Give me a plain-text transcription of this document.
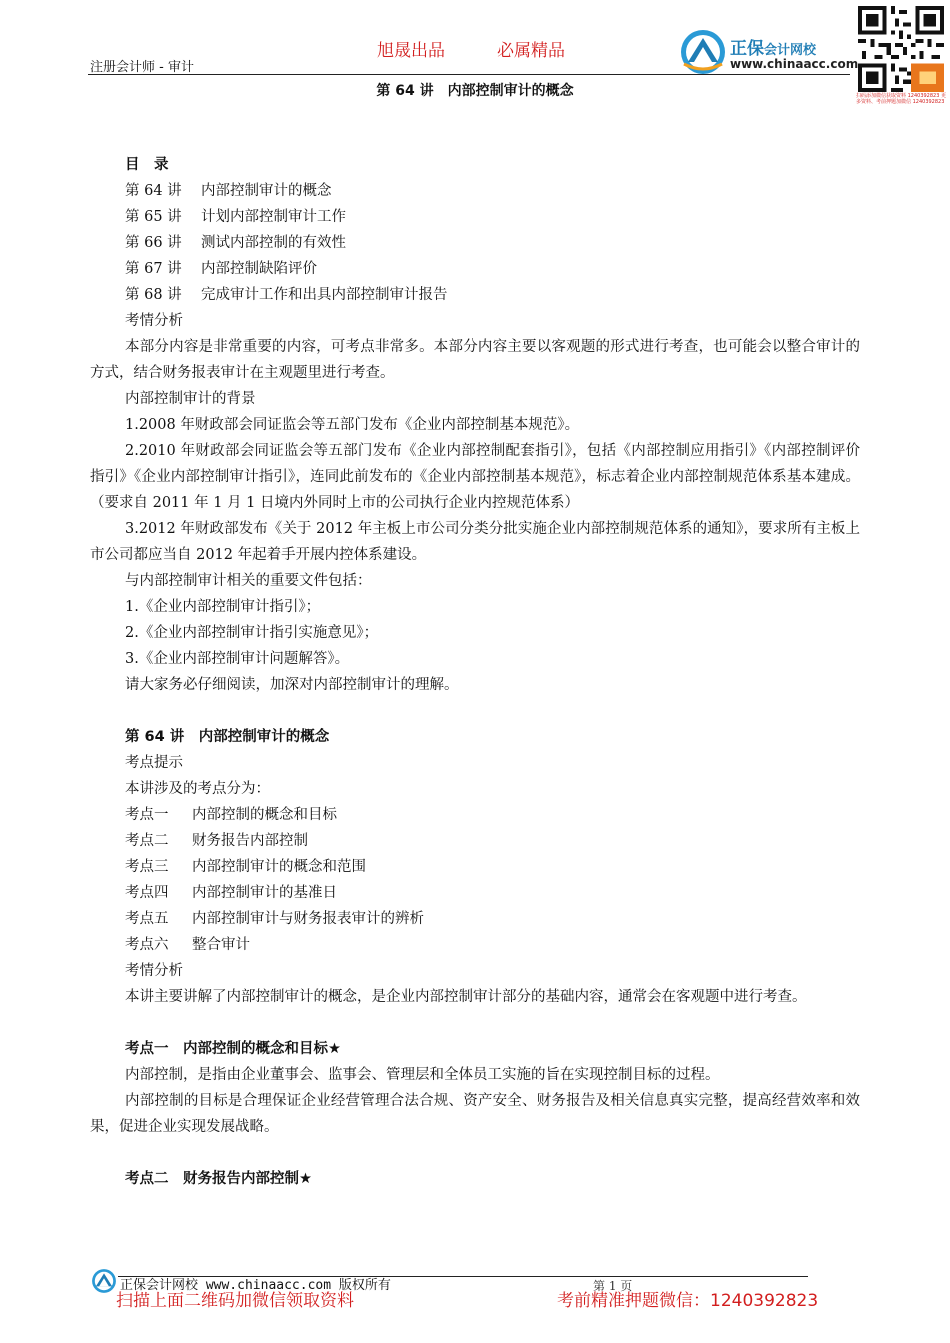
注册会计师 - 审计
旭晟出品	必属精品	正保会计网校
www.chinaacc.com
扫码添加微信获取资料 1240392823 更多资料、考前押题加微信 1240392823
第 64 讲　内部控制审计的概念

目　录

第 64 讲 内部控制审计的概念

第 65 讲 计划内部控制审计工作

第 66 讲 测试内部控制的有效性

第 67 讲 内部控制缺陷评价

第 68 讲 完成审计工作和出具内部控制审计报告

考情分析

本部分内容是非常重要的内容，可考点非常多。本部分内容主要以客观题的形式进行考查，也可能会以整合审计的方式，结合财务报表审计在主观题里进行考查。

内部控制审计的背景

1.2008 年财政部会同证监会等五部门发布《企业内部控制基本规范》。

2.2010 年财政部会同证监会等五部门发布《企业内部控制配套指引》，包括《内部控制应用指引》《内部控制评价指引》《企业内部控制审计指引》，连同此前发布的《企业内部控制基本规范》，标志着企业内部控制规范体系基本建成。（要求自 2011 年 1 月 1 日境内外同时上市的公司执行企业内控规范体系）

3.2012 年财政部发布《关于 2012 年主板上市公司分类分批实施企业内部控制规范体系的通知》，要求所有主板上市公司都应当自 2012 年起着手开展内控体系建设。

与内部控制审计相关的重要文件包括：

1.《企业内部控制审计指引》；

2.《企业内部控制审计指引实施意见》；

3.《企业内部控制审计问题解答》。

请大家务必仔细阅读，加深对内部控制审计的理解。

第 64 讲　内部控制审计的概念

考点提示

本讲涉及的考点分为：

考点一 内部控制的概念和目标

考点二 财务报告内部控制

考点三 内部控制审计的概念和范围

考点四 内部控制审计的基准日

考点五 内部控制审计与财务报表审计的辨析

考点六 整合审计

考情分析

本讲主要讲解了内部控制审计的概念，是企业内部控制审计部分的基础内容，通常会在客观题中进行考查。

考点一　内部控制的概念和目标★

内部控制，是指由企业董事会、监事会、管理层和全体员工实施的旨在实现控制目标的过程。

内部控制的目标是合理保证企业经营管理合法合规、资产安全、财务报告及相关信息真实完整，提高经营效率和效果，促进企业实现发展战略。

考点二　财务报告内部控制★

正保会计网校 www.chinaacc.com 版权所有	第 1 页
扫描上面二维码加微信领取资料	考前精准押题微信：1240392823
